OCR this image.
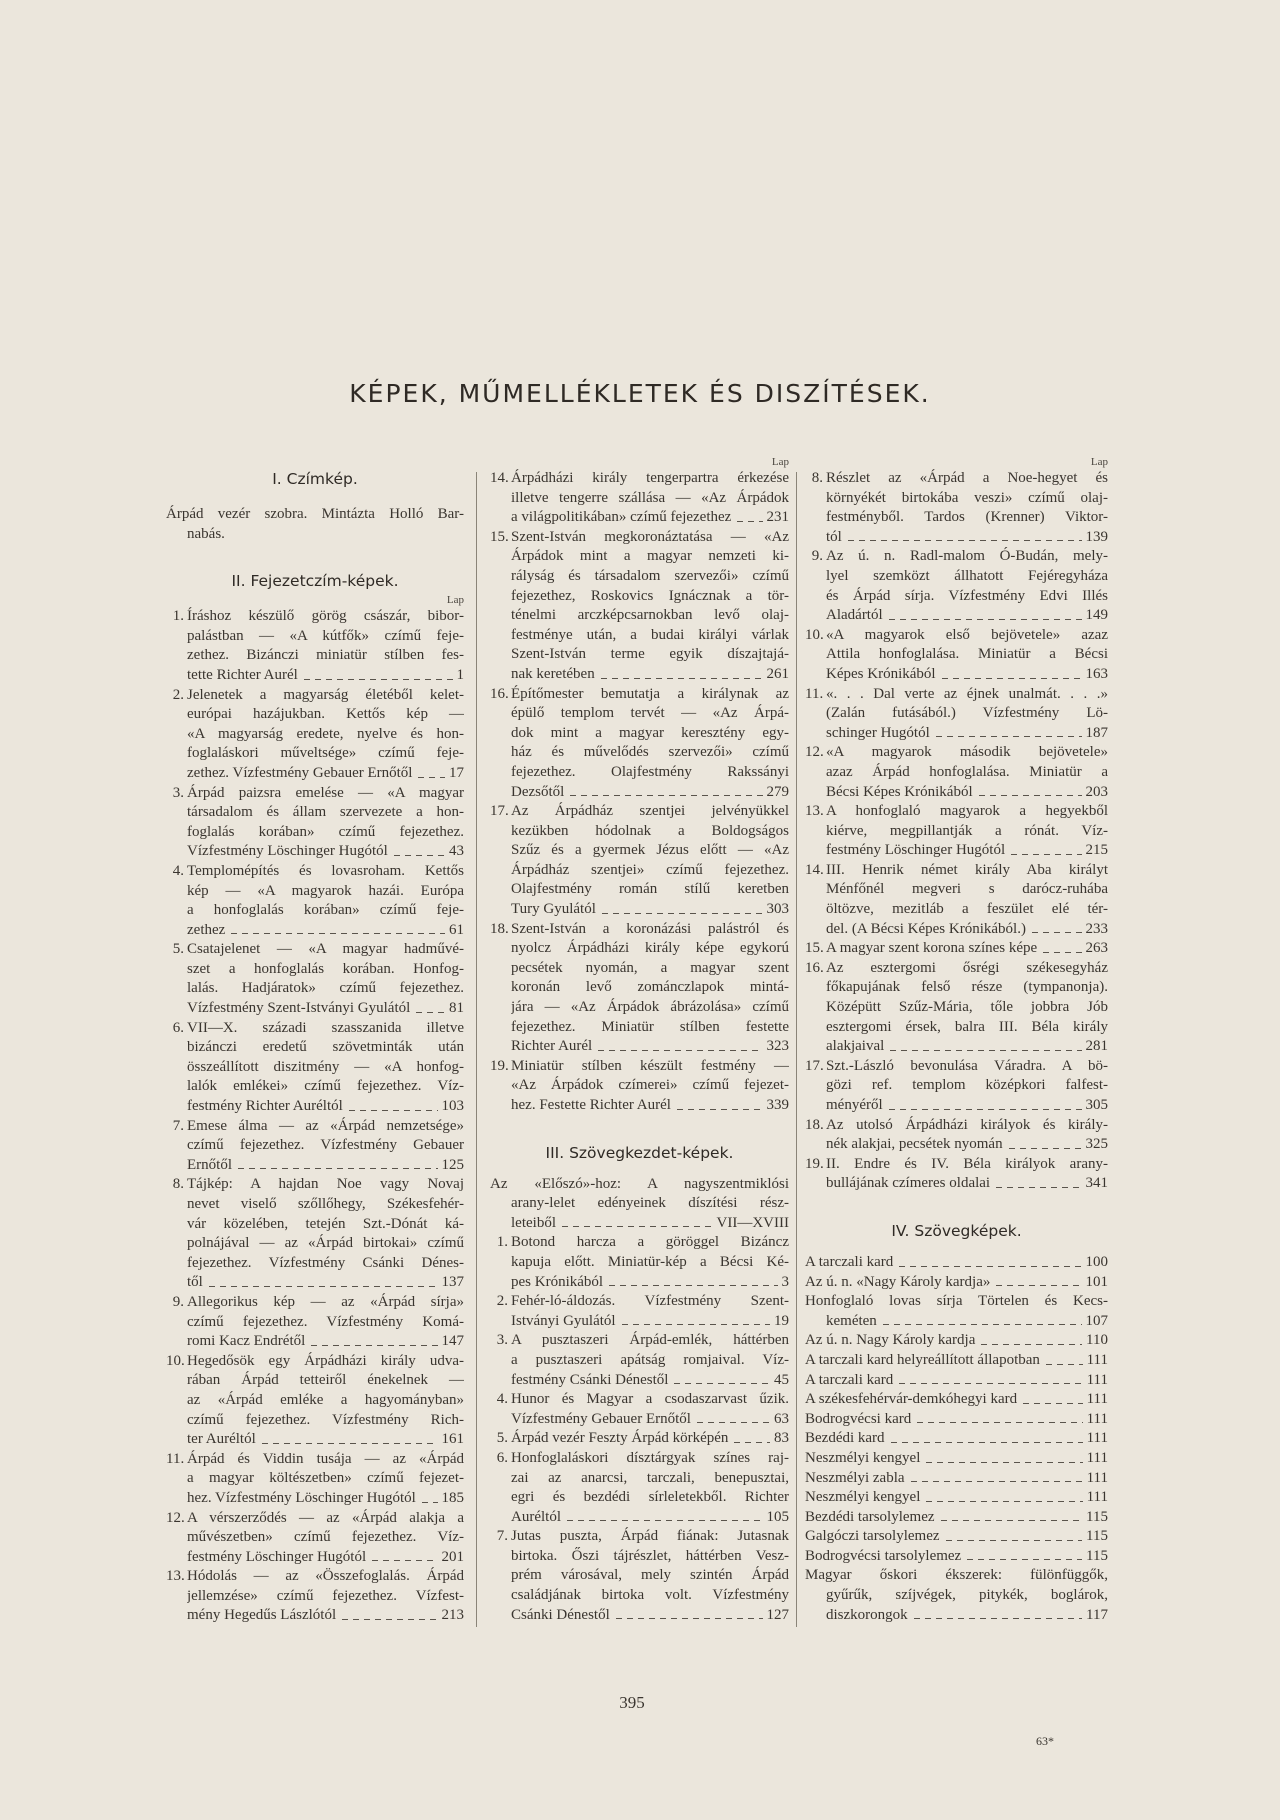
KÉPEK, MŰMELLÉKLETEK ÉS DISZÍTÉSEK.
I. Czímkép.
Árpád vezér szobra. Mintázta Holló Bar-
nabás.
II. Fejezetczím-képek.
Lap
1. Íráshoz készülő görög császár, bibor-
palástban — «A kútfők» czímű feje-
zethez. Bizánczi miniatür stílben fes-
tette Richter Aurél	1
2. Jelenetek a magyarság életéből kelet-
európai hazájukban. Kettős kép —
«A magyarság eredete, nyelve és hon-
foglaláskori műveltsége» czímű feje-
zethez. Vízfestmény Gebauer Ernőtől 17
3. Árpád paizsra emelése — «A magyar
társadalom és állam szervezete a hon-
foglalás korában» czímű fejezethez.
Vízfestmény Löschinger Hugótól	43
4. Templomépítés és lovasroham. Kettős
kép — «A magyarok hazái. Európa
a honfoglalás korában» czímű feje-
zethez	61
5. Csatajelenet — «A magyar hadművé-
szet a honfoglalás korában. Honfog-
lalás. Hadjáratok» czímű fejezethez.
Vízfestmény Szent-Istványi Gyulától	81
6. VII—X. századi szasszanida illetve
bizánczi eredetű szövetminták után
összeállított diszitmény — «A honfog-
lalók emlékei» czímű fejezethez. Víz-
festmény Richter Auréltól	103
7. Emese álma — az «Árpád nemzetsége»
czímű fejezethez. Vízfestmény Gebauer
Ernőtől	125
8. Tájkép: A hajdan Noe vagy Novaj
nevet viselő szőllőhegy, Székesfehér-
vár közelében, tetején Szt.-Dónát ká-
polnájával — az «Árpád birtokai» czímű
fejezethez. Vízfestmény Csánki Dénes-
től	137
9. Allegorikus kép — az «Árpád sírja»
czímű fejezethez. Vízfestmény Komá-
romi Kacz Endrétől	147
10. Hegedősök egy Árpádházi király udva-
rában Árpád tetteiről énekelnek —
az «Árpád emléke a hagyományban»
czímű fejezethez. Vízfestmény Rich-
ter Auréltól	161
11. Árpád és Viddin tusája — az «Árpád
a magyar költészetben» czímű fejezet-
hez. Vízfestmény Löschinger Hugótól 185
12. A vérszerződés — az «Árpád alakja a
művészetben» czímű fejezethez. Víz-
festmény Löschinger Hugótól	201
13. Hódolás — az «Összefoglalás. Árpád
jellemzése» czímű fejezethez. Vízfest-
mény Hegedűs Lászlótól	213
Lap
14. Árpádházi király tengerpartra érkezése
illetve tengerre szállása — «Az Árpádok
a világpolitikában» czímű fejezethez 231
15. Szent-István megkoronáztatása — «Az
Árpádok mint a magyar nemzeti ki-
rályság és társadalom szervezői» czímű
fejezethez, Roskovics Ignácznak a tör-
ténelmi arczképcsarnokban levő olaj-
festménye után, a budai királyi várlak
Szent-István terme egyik díszajtajá-
nak keretében	261
16. Építőmester bemutatja a királynak az
épülő templom tervét — «Az Árpá-
dok mint a magyar keresztény egy-
ház és művelődés szervezői» czímű
fejezethez. Olajfestmény Rakssányi
Dezsőtől	279
17. Az Árpádház szentjei jelvényükkel
kezükben hódolnak a Boldogságos
Szűz és a gyermek Jézus előtt — «Az
Árpádház szentjei» czímű fejezethez.
Olajfestmény román stílű keretben
Tury Gyulától	303
18. Szent-István a koronázási palástról és
nyolcz Árpádházi király képe egykorú
pecsétek nyomán, a magyar szent
koronán levő zománczlapok mintá-
jára — «Az Árpádok ábrázolása» czímű
fejezethez. Miniatür stílben festette
Richter Aurél	323
19. Miniatür stílben készült festmény —
«Az Árpádok czímerei» czímű fejezet-
hez. Festette Richter Aurél	339
III. Szövegkezdet-képek.
Az «Előszó»-hoz: A nagyszentmiklósi
arany-lelet edényeinek díszítési rész-
leteiből	VII—XVIII
1. Botond harcza a göröggel Bizáncz
kapuja előtt. Miniatür-kép a Bécsi Ké-
pes Krónikából	3
2. Fehér-ló-áldozás. Vízfestmény Szent-
Istványi Gyulától	19
3. A pusztaszeri Árpád-emlék, háttérben
a pusztaszeri apátság romjaival. Víz-
festmény Csánki Dénestől	45
4. Hunor és Magyar a csodaszarvast űzik.
Vízfestmény Gebauer Ernőtől	63
5. Árpád vezér Feszty Árpád körképén	83
6. Honfoglaláskori dísztárgyak színes raj-
zai az anarcsi, tarczali, benepusztai,
egri és bezdédi sírleletekből. Richter
Auréltól	105
7. Jutas puszta, Árpád fiának: Jutasnak
birtoka. Őszi tájrészlet, háttérben Vesz-
prém városával, mely szintén Árpád
családjának birtoka volt. Vízfestmény
Csánki Dénestől	127
Lap
8. Részlet az «Árpád a Noe-hegyet és
környékét birtokába veszi» czímű olaj-
festményből. Tardos (Krenner) Viktor-
tól	139
9. Az ú. n. Radl-malom Ó-Budán, mely-
lyel szemközt állhatott Fejéregyháza
és Árpád sírja. Vízfestmény Edvi Illés
Aladártól	149
10. «A magyarok első bejövetele» azaz
Attila honfoglalása. Miniatür a Bécsi
Képes Krónikából	163
11. «. . . Dal verte az éjnek unalmát. . . .»
(Zalán futásából.) Vízfestmény Lö-
schinger Hugótól	187
12. «A magyarok második bejövetele»
azaz Árpád honfoglalása. Miniatür a
Bécsi Képes Krónikából	203
13. A honfoglaló magyarok a hegyekből
kiérve, megpillantják a rónát. Víz-
festmény Löschinger Hugótól	215
14. III. Henrik német király Aba királyt
Ménfőnél megveri s darócz-ruhába
öltözve, mezitláb a feszület elé tér-
del. (A Bécsi Képes Krónikából.)	233
15. A magyar szent korona színes képe	263
16. Az esztergomi ősrégi székesegyház
főkapujának felső része (tympanonja).
Középütt Szűz-Mária, tőle jobbra Jób
esztergomi érsek, balra III. Béla király
alakjaival	281
17. Szt.-László bevonulása Váradra. A bö-
gözi ref. templom középkori falfest-
ményéről	305
18. Az utolsó Árpádházi királyok és király-
nék alakjai, pecsétek nyomán	325
19. II. Endre és IV. Béla királyok arany-
bullájának czímeres oldalai	341
IV. Szövegképek.
A tarczali kard	100
Az ú. n. «Nagy Károly kardja»	101
Honfoglaló lovas sírja Törtelen és Kecs-
keméten	107
Az ú. n. Nagy Károly kardja	110
A tarczali kard helyreállított állapotban	111
A tarczali kard	111
A székesfehérvár-demkóhegyi kard	111
Bodrogvécsi kard	111
Bezdédi kard	111
Neszmélyi kengyel	111
Neszmélyi zabla	111
Neszmélyi kengyel	111
Bezdédi tarsolylemez	115
Galgóczi tarsolylemez	115
Bodrogvécsi tarsolylemez	115
Magyar őskori ékszerek: fülönfüggők,
gyűrűk, szíjvégek, pitykék, boglárok,
diszkorongok	117
395
63*
